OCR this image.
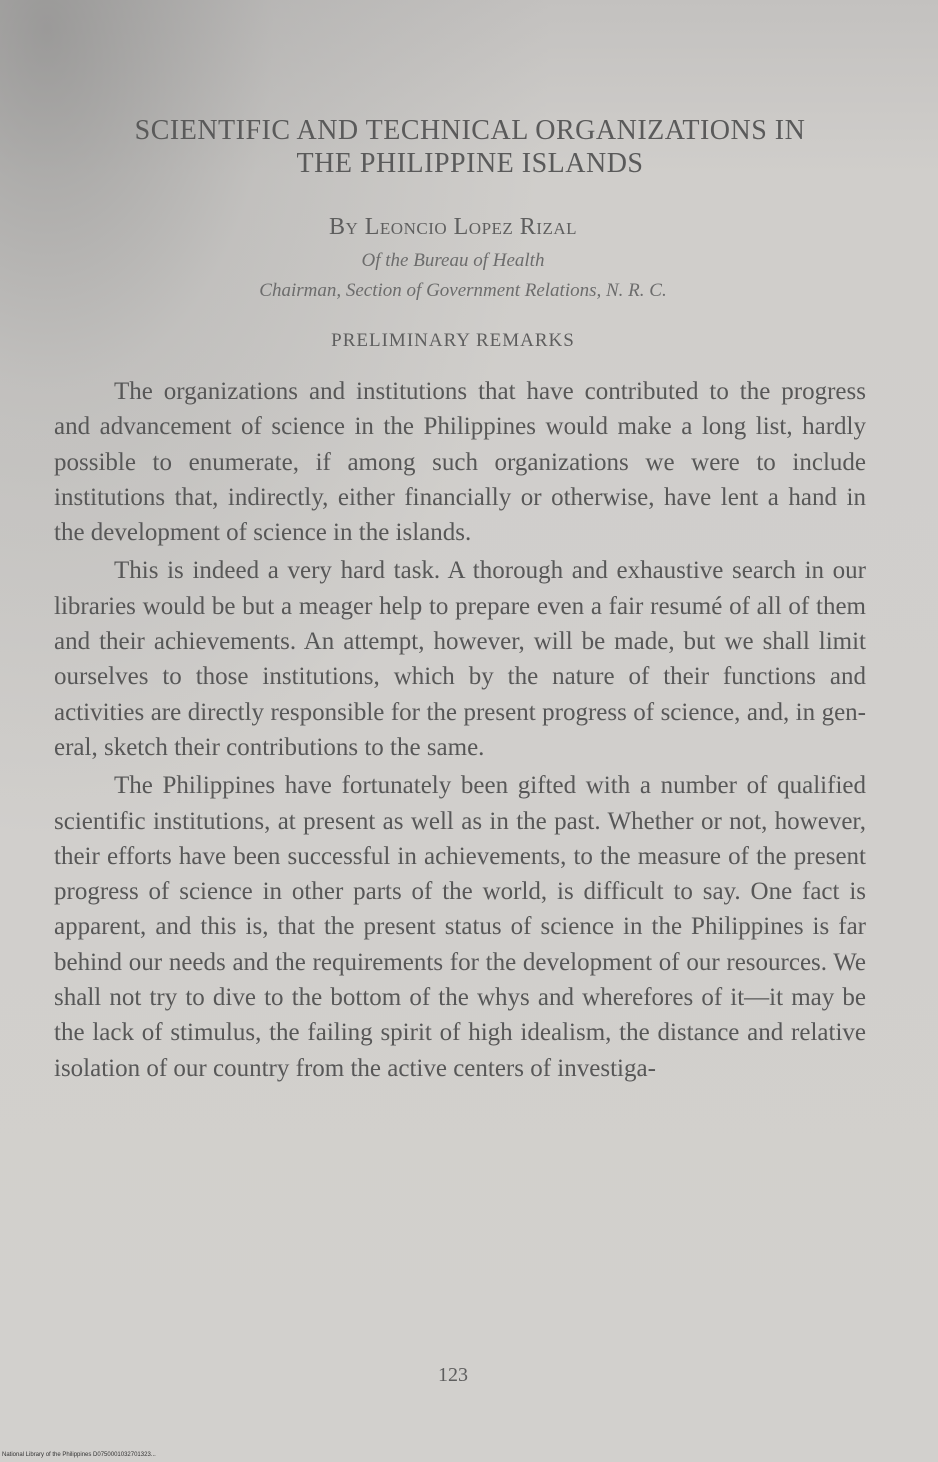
SCIENTIFIC AND TECHNICAL ORGANIZATIONS IN
THE PHILIPPINE ISLANDS
By Leoncio Lopez Rizal
Of the Bureau of Health
Chairman, Section of Government Relations, N. R. C.
PRELIMINARY REMARKS

The organizations and institutions that have contributed to the progress and advancement of science in the Philippines would make a long list, hardly possible to enumerate, if among such organizations we were to include institutions that, indirectly, either financially or otherwise, have lent a hand in the development of science in the islands.

This is indeed a very hard task. A thorough and exhaustive search in our libraries would be but a meager help to prepare even a fair resumé of all of them and their achievements. An attempt, however, will be made, but we shall limit ourselves to those institutions, which by the nature of their functions and activities are directly responsible for the present progress of science, and, in general, sketch their contributions to the same.

The Philippines have fortunately been gifted with a number of qualified scientific institutions, at present as well as in the past. Whether or not, however, their efforts have been successful in achievements, to the measure of the present progress of science in other parts of the world, is difficult to say. One fact is apparent, and this is, that the present status of science in the Philippines is far behind our needs and the requirements for the development of our resources. We shall not try to dive to the bottom of the whys and wherefores of it—it may be the lack of stimulus, the failing spirit of high idealism, the distance and relative isolation of our country from the active centers of investiga-

123
National Library of the Philippines D0750001032701323...
